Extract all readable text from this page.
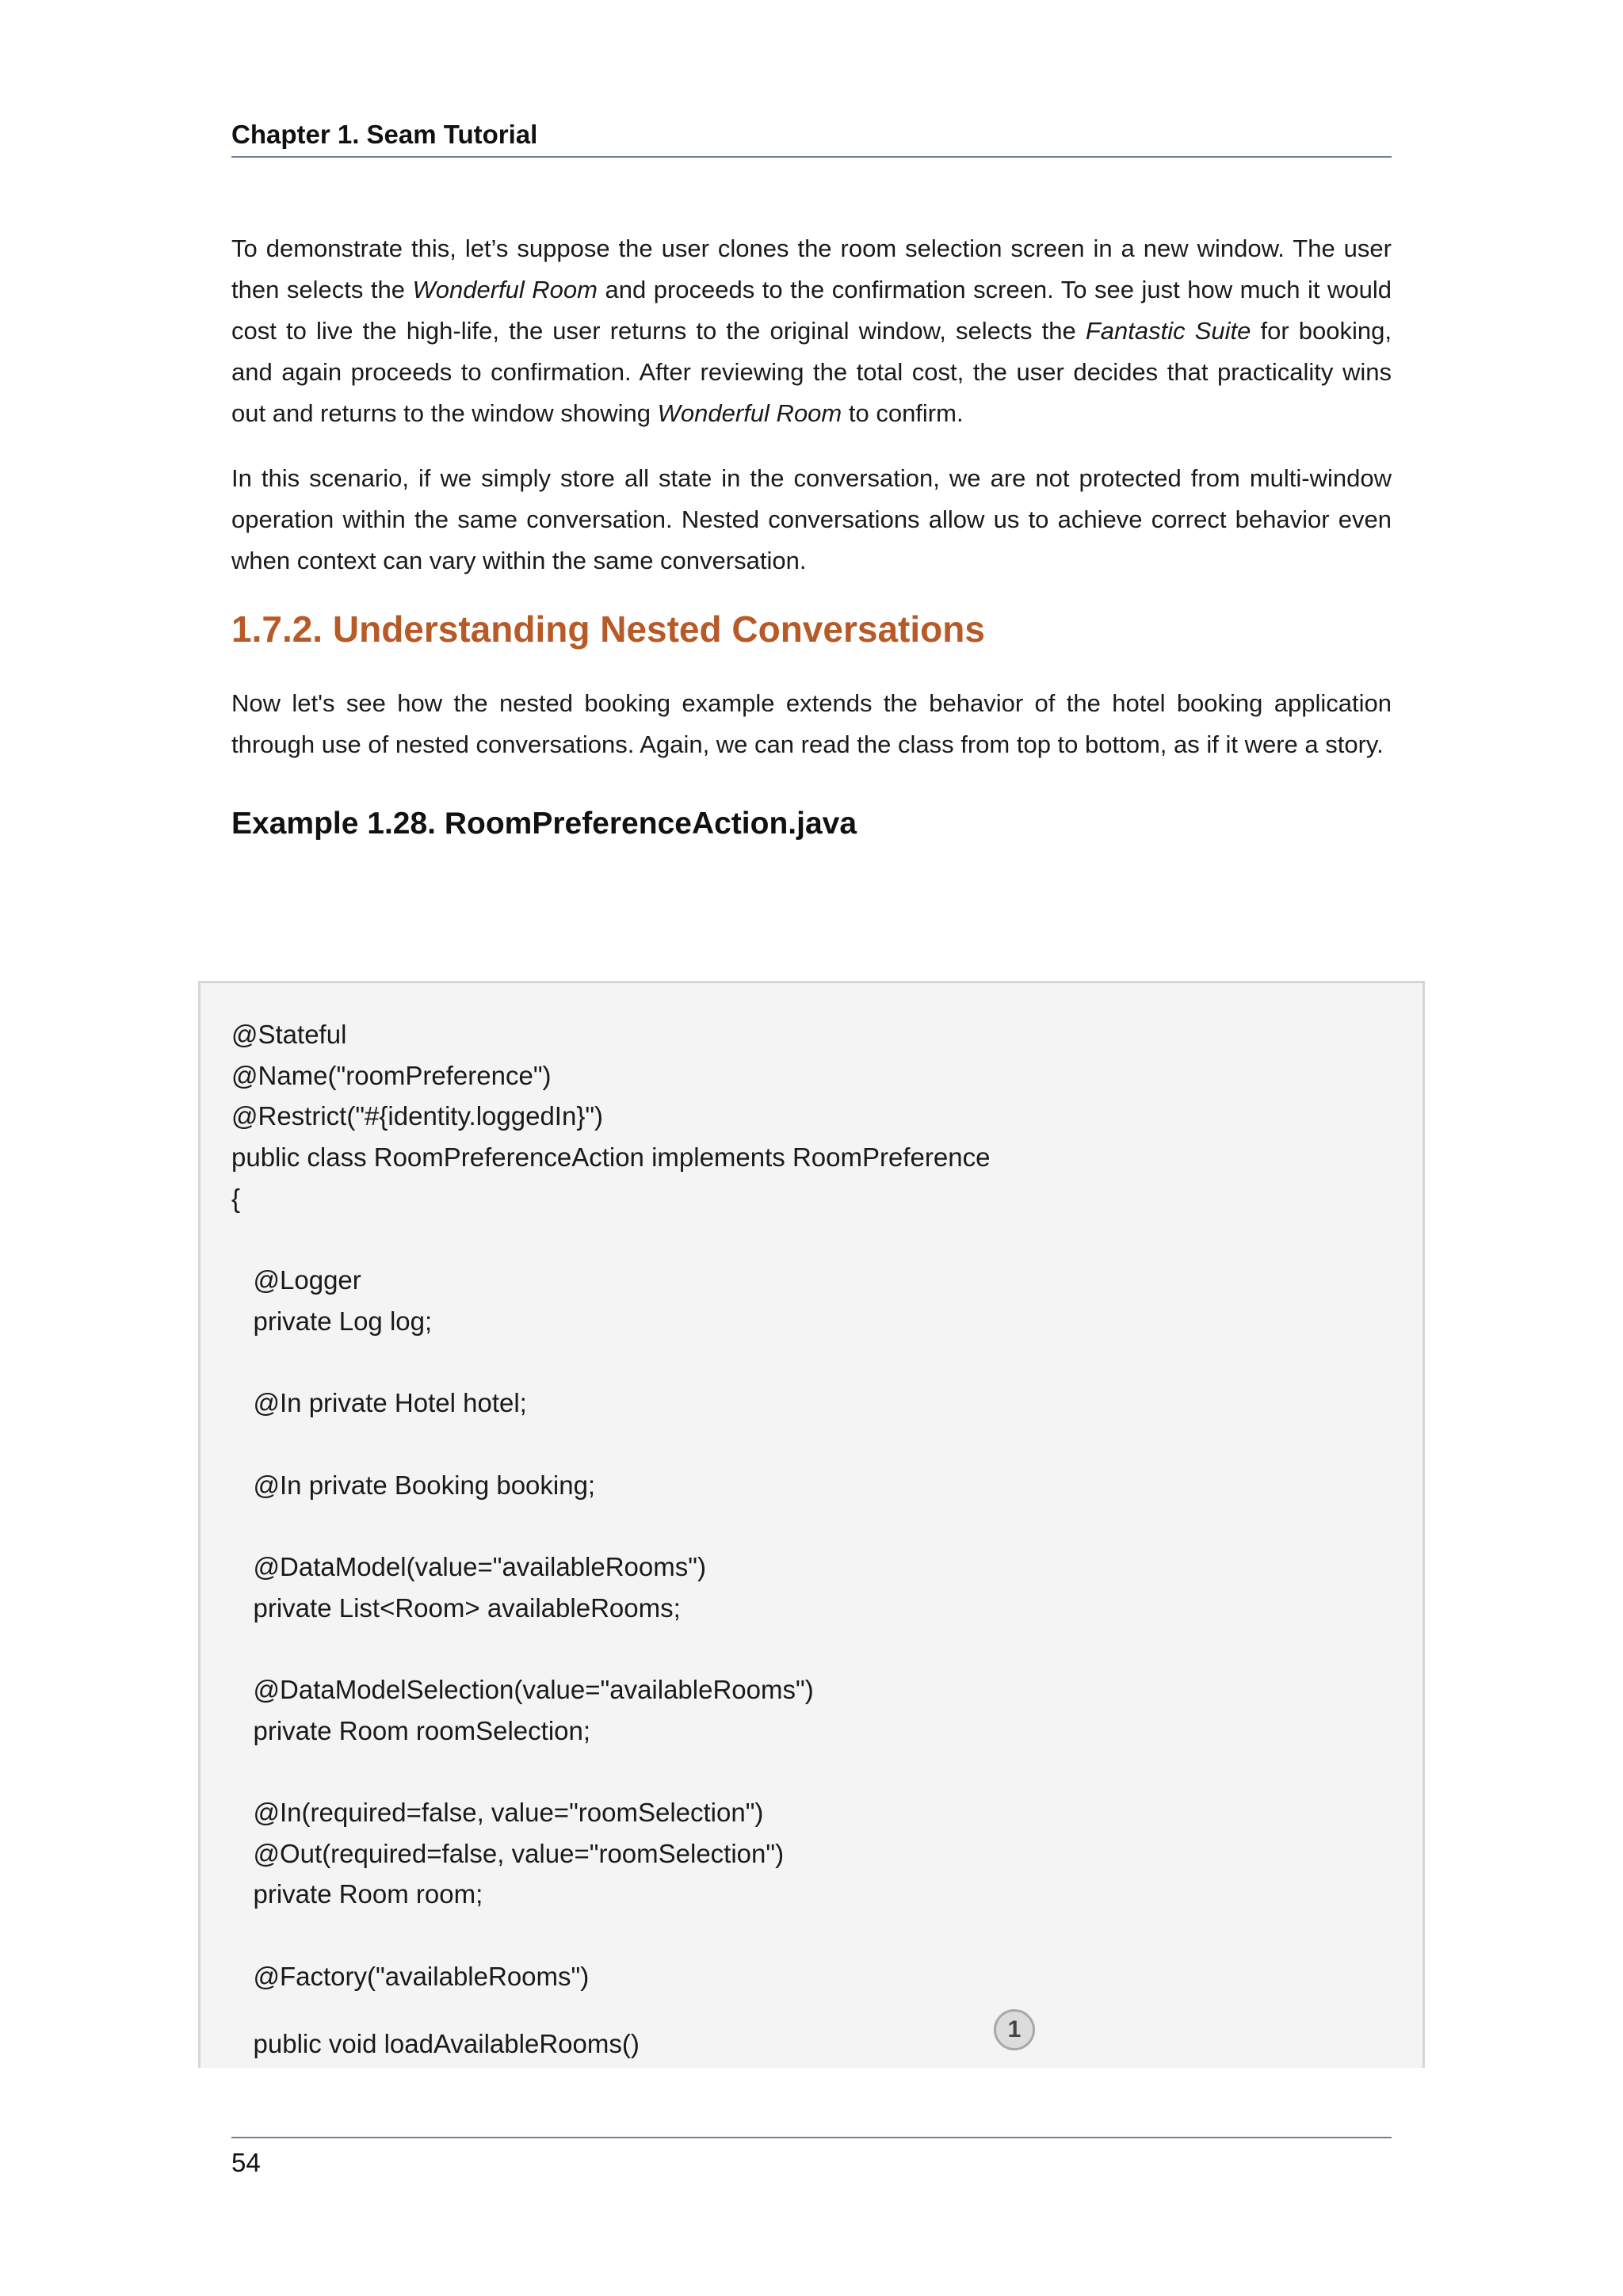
Chapter 1. Seam Tutorial

To demonstrate this, let’s suppose the user clones the room selection screen in a new window. The user then selects the Wonderful Room and proceeds to the confirmation screen. To see just how much it would cost to live the high-life, the user returns to the original window, selects the Fantastic Suite for booking, and again proceeds to confirmation. After reviewing the total cost, the user decides that practicality wins out and returns to the window showing Wonderful Room to confirm.

In this scenario, if we simply store all state in the conversation, we are not protected from multi-window operation within the same conversation. Nested conversations allow us to achieve correct behavior even when context can vary within the same conversation.

1.7.2. Understanding Nested Conversations

Now let's see how the nested booking example extends the behavior of the hotel booking application through use of nested conversations. Again, we can read the class from top to bottom, as if it were a story.

Example 1.28. RoomPreferenceAction.java
@Stateful
@Name("roomPreference")
@Restrict("#{identity.loggedIn}")
public class RoomPreferenceAction implements RoomPreference
{
@Logger
private Log log;
@In private Hotel hotel;
@In private Booking booking;
@DataModel(value="availableRooms")
private List<Room> availableRooms;
@DataModelSelection(value="availableRooms")
private Room roomSelection;
@In(required=false, value="roomSelection")
@Out(required=false, value="roomSelection")
private Room room;
@Factory("availableRooms")
public void loadAvailableRooms()	1
54
